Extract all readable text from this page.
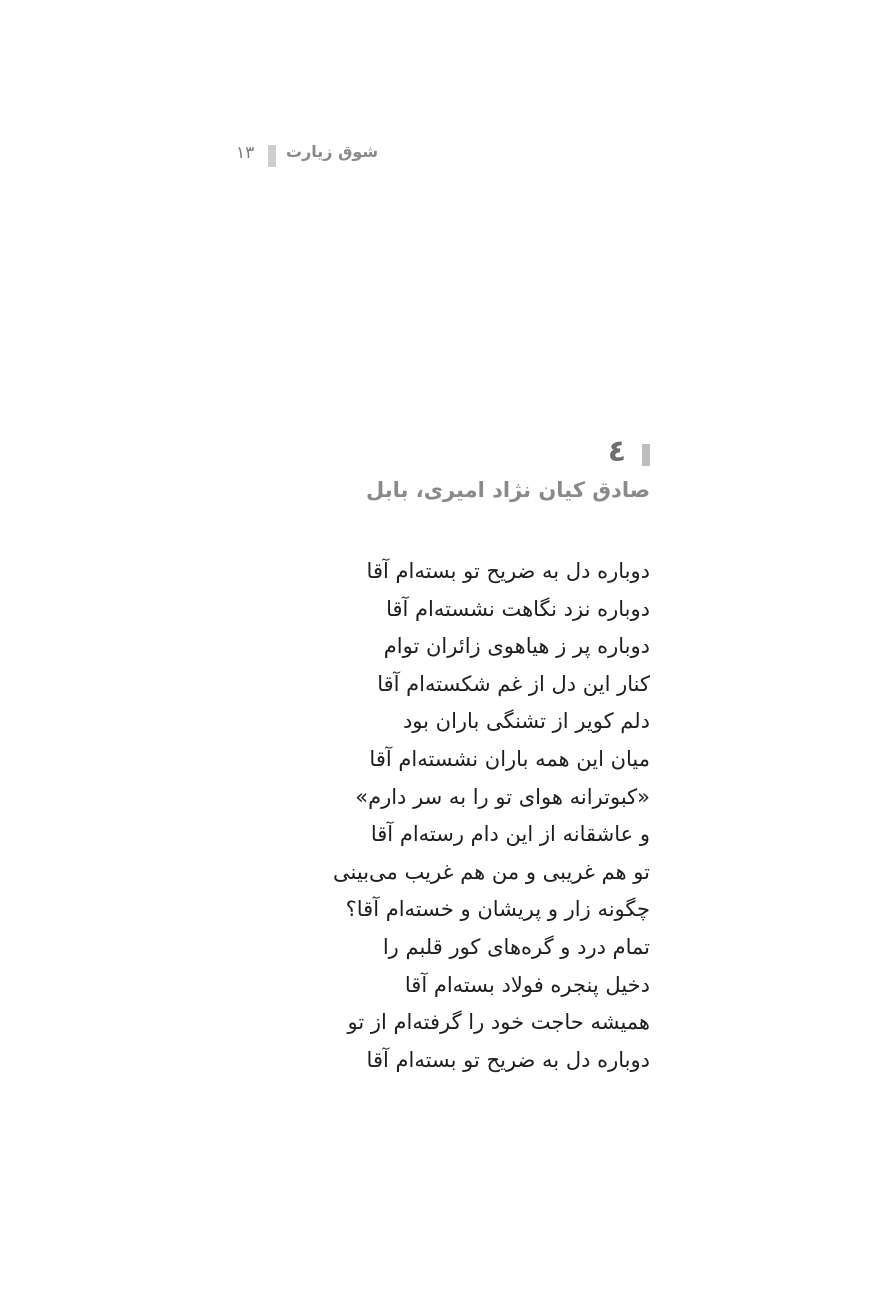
۱۳ شوق زیارت
٤
صادق کیان نژاد امیری، بابل
دوباره دل به ضریح تو بسته‌ام آقا
دوباره نزد نگاهت نشسته‌ام آقا
دوباره پر ز هیاهوی زائران توام
کنار این دل از غم شکسته‌ام آقا
دلم کویر از تشنگی باران بود
میان این همه باران نشسته‌ام آقا
«کبوترانه هوای تو را به سر دارم»
و عاشقانه از این دام رسته‌ام آقا
تو هم غریبی و من هم غریب می‌بینی
چگونه زار و پریشان و خسته‌ام آقا؟
تمام درد و گره‌های کور قلبم را
دخیل پنجره فولاد بسته‌ام آقا
همیشه حاجت خود را گرفته‌ام از تو
دوباره دل به ضریح تو بسته‌ام آقا
